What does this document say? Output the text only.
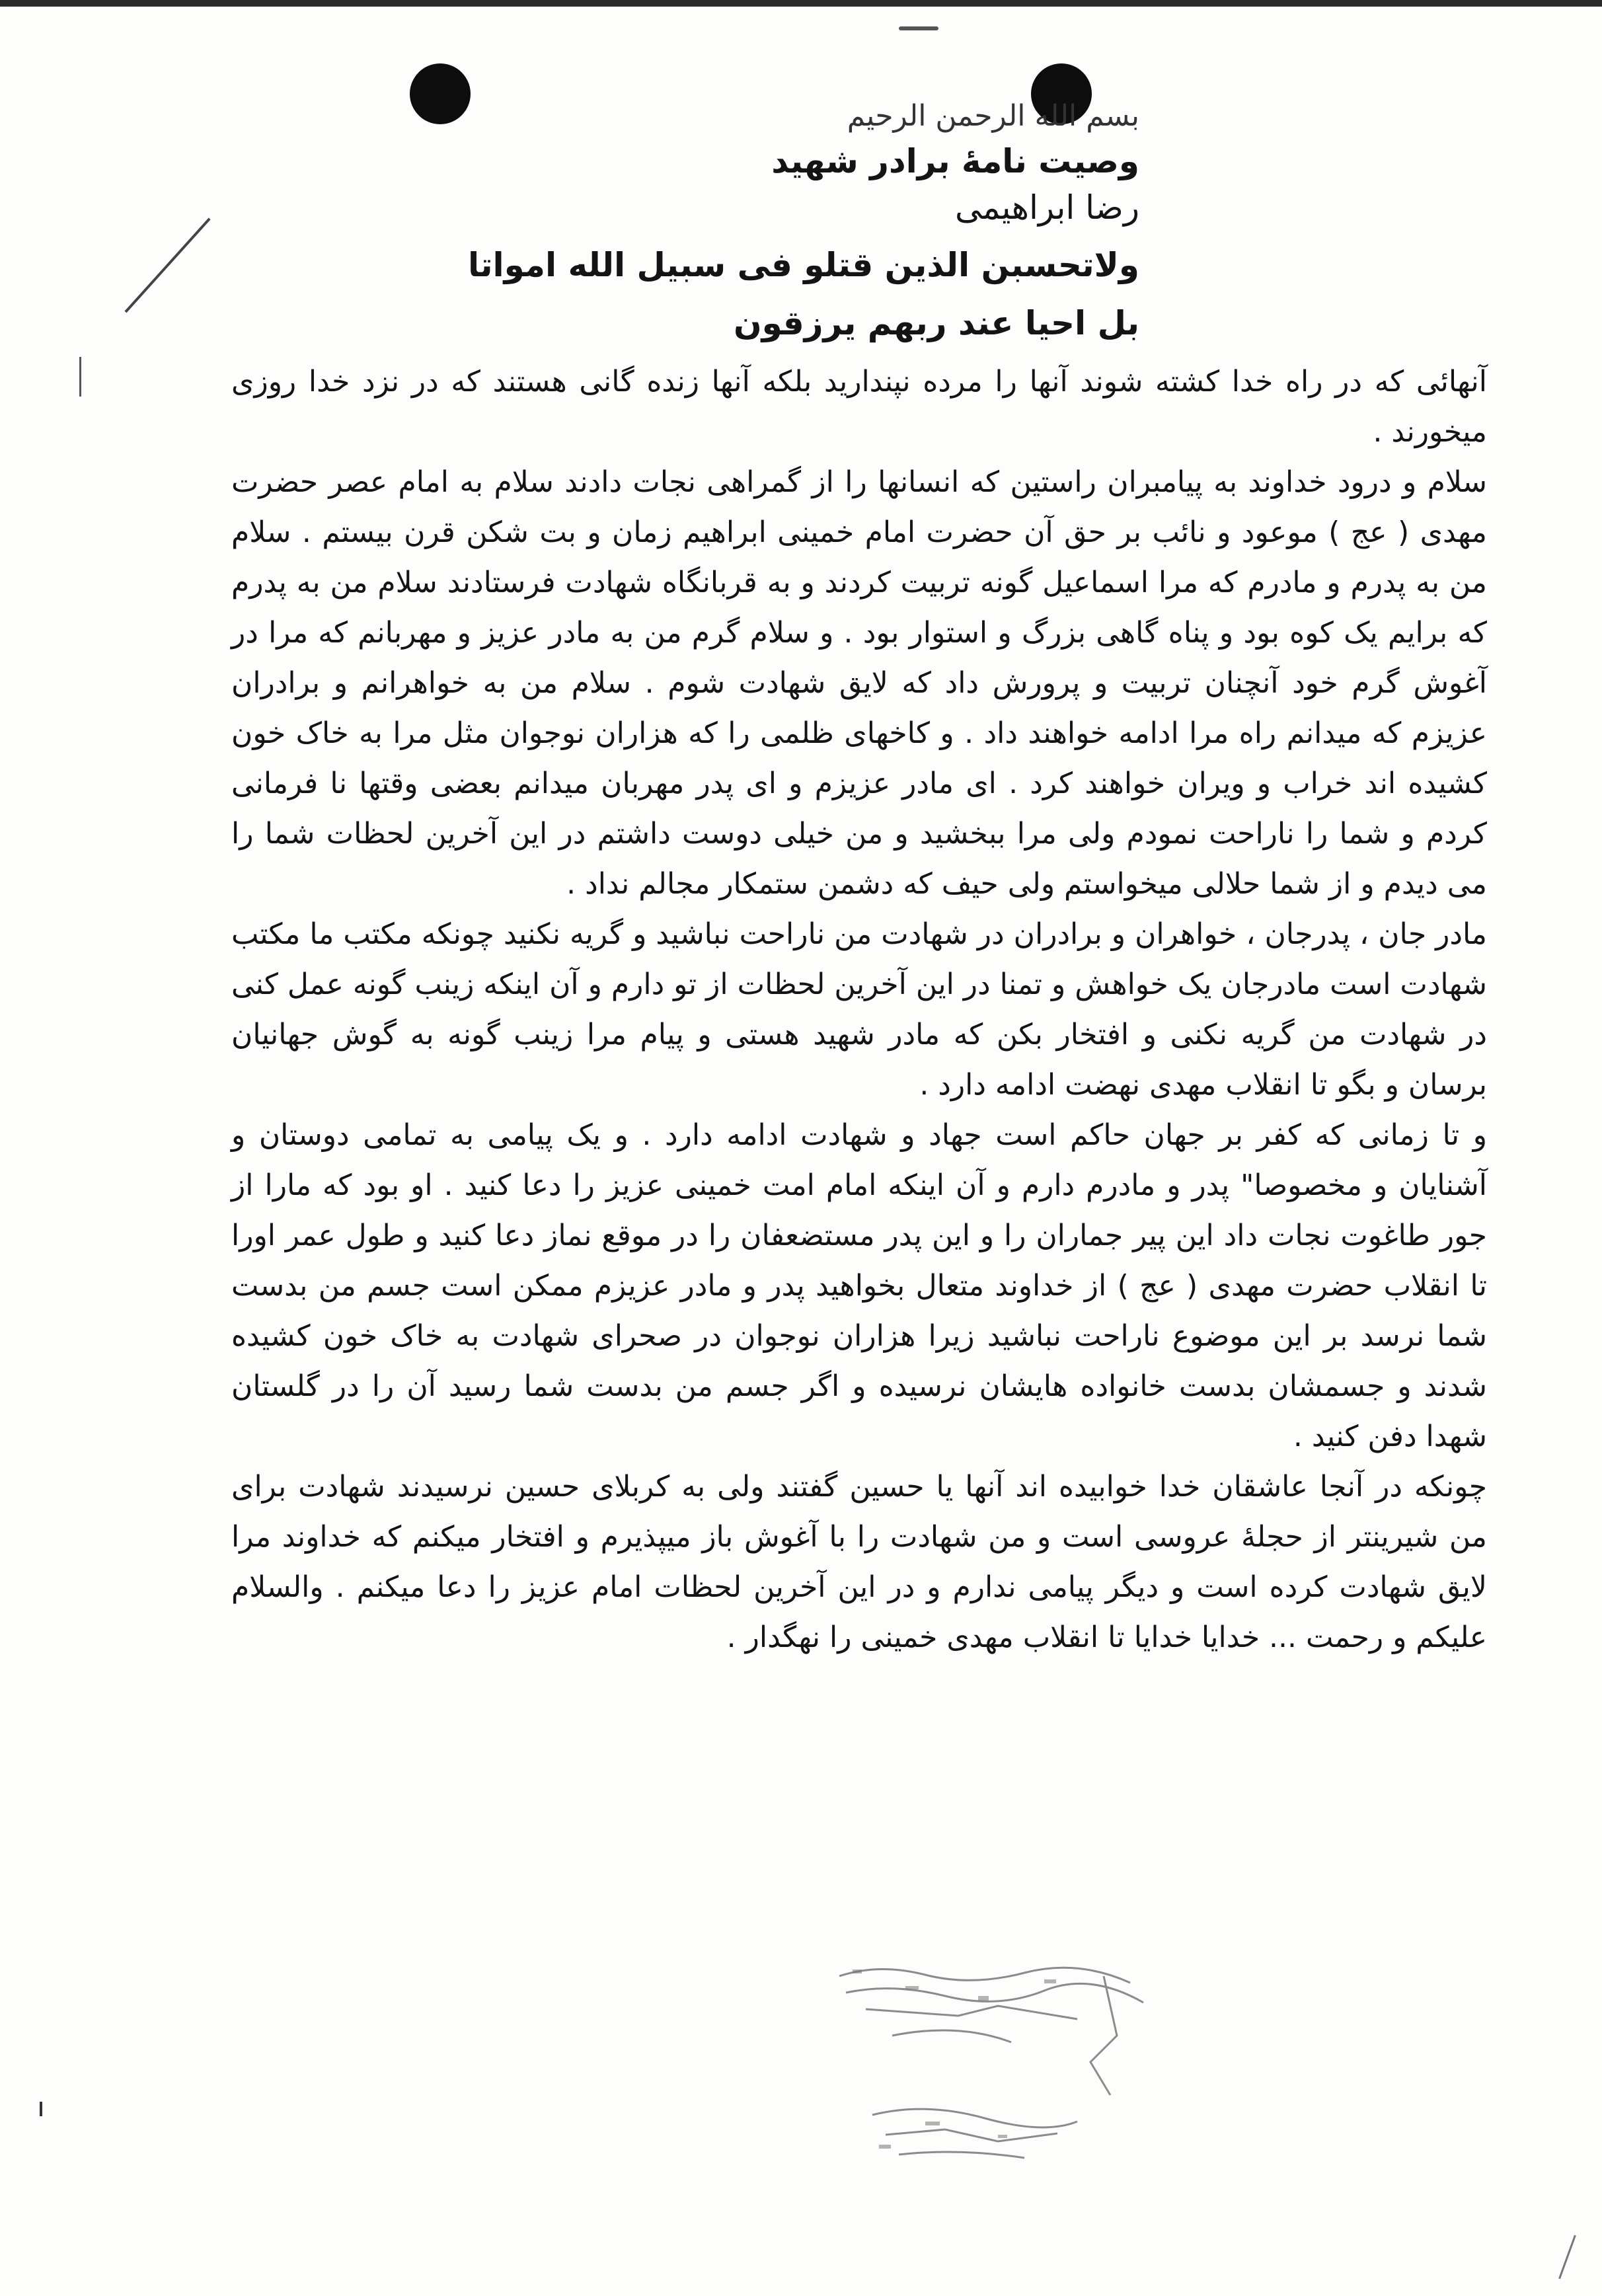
بسم الله الرحمن الرحيم
وصیت نامهٔ برادر شهید
رضا ابراهیمی
ولاتحسبن الذین قتلو فی سبیل الله امواتا
بل احیا عند ربهم یرزقون

آنهائی که در راه خدا کشته شوند آنها را مرده نپندارید بلکه آنها زنده گانی هستند که در نزد خدا روزی میخورند .

سلام و درود خداوند به پیامبران راستین که انسانها را از گمراهی نجات دادند سلام به امام عصر حضرت مهدی ( عج ) موعود و نائب بر حق آن حضرت امام خمینی ابراهیم زمان و بت شکن قرن بیستم . سلام من به پدرم و مادرم که مرا اسماعیل گونه تربیت کردند و به قربانگاه شهادت فرستادند سلام من به پدرم که برایم یک کوه بود و پناه گاهی بزرگ و استوار بود . و سلام گرم من به مادر عزیز و مهربانم که مرا در آغوش گرم خود آنچنان تربیت و پرورش داد که لایق شهادت شوم . سلام من به خواهرانم و برادران عزیزم که میدانم راه مرا ادامه خواهند داد . و کاخهای ظلمی را که هزاران نوجوان مثل مرا به خاک خون کشیده اند خراب و ویران خواهند کرد . ای مادر عزیزم و ای پدر مهربان میدانم بعضی وقتها نا فرمانی کردم و شما را ناراحت نمودم ولی مرا ببخشید و من خیلی دوست داشتم در این آخرین لحظات شما را می دیدم و از شما حلالی میخواستم ولی حیف که دشمن ستمکار مجالم نداد .

مادر جان ، پدرجان ، خواهران و برادران در شهادت من ناراحت نباشید و گریه نکنید چونکه مکتب ما مکتب شهادت است مادرجان یک خواهش و تمنا در این آخرین لحظات از تو دارم و آن اینکه زینب گونه عمل کنی در شهادت من گریه نکنی و افتخار بکن که مادر شهید هستی و پیام مرا زینب گونه به گوش جهانیان برسان و بگو تا انقلاب مهدی نهضت ادامه دارد .

و تا زمانی که کفر بر جهان حاکم است جهاد و شهادت ادامه دارد . و یک پیامی به تمامی دوستان و آشنایان و مخصوصا" پدر و مادرم دارم و آن اینکه امام امت خمینی عزیز را دعا کنید . او بود که مارا از جور طاغوت نجات داد این پیر جماران را و این پدر مستضعفان را در موقع نماز دعا کنید و طول عمر اورا تا انقلاب حضرت مهدی ( عج ) از خداوند متعال بخواهید پدر و مادر عزیزم ممکن است جسم من بدست شما نرسد بر این موضوع ناراحت نباشید زیرا هزاران نوجوان در صحرای شهادت به خاک خون کشیده شدند و جسمشان بدست خانواده هایشان نرسیده و اگر جسم من بدست شما رسید آن را در گلستان شهدا دفن کنید .

چونکه در آنجا عاشقان خدا خوابیده اند آنها یا حسین گفتند ولی به کربلای حسین نرسیدند شهادت برای من شیرینتر از حجلهٔ عروسی است و من شهادت را با آغوش باز میپذیرم و افتخار میکنم که خداوند مرا لایق شهادت کرده است و دیگر پیامی ندارم و در این آخرین لحظات امام عزیز را دعا میکنم . والسلام علیکم و رحمت ... خدایا خدایا تا انقلاب مهدی خمینی را نهگدار .
